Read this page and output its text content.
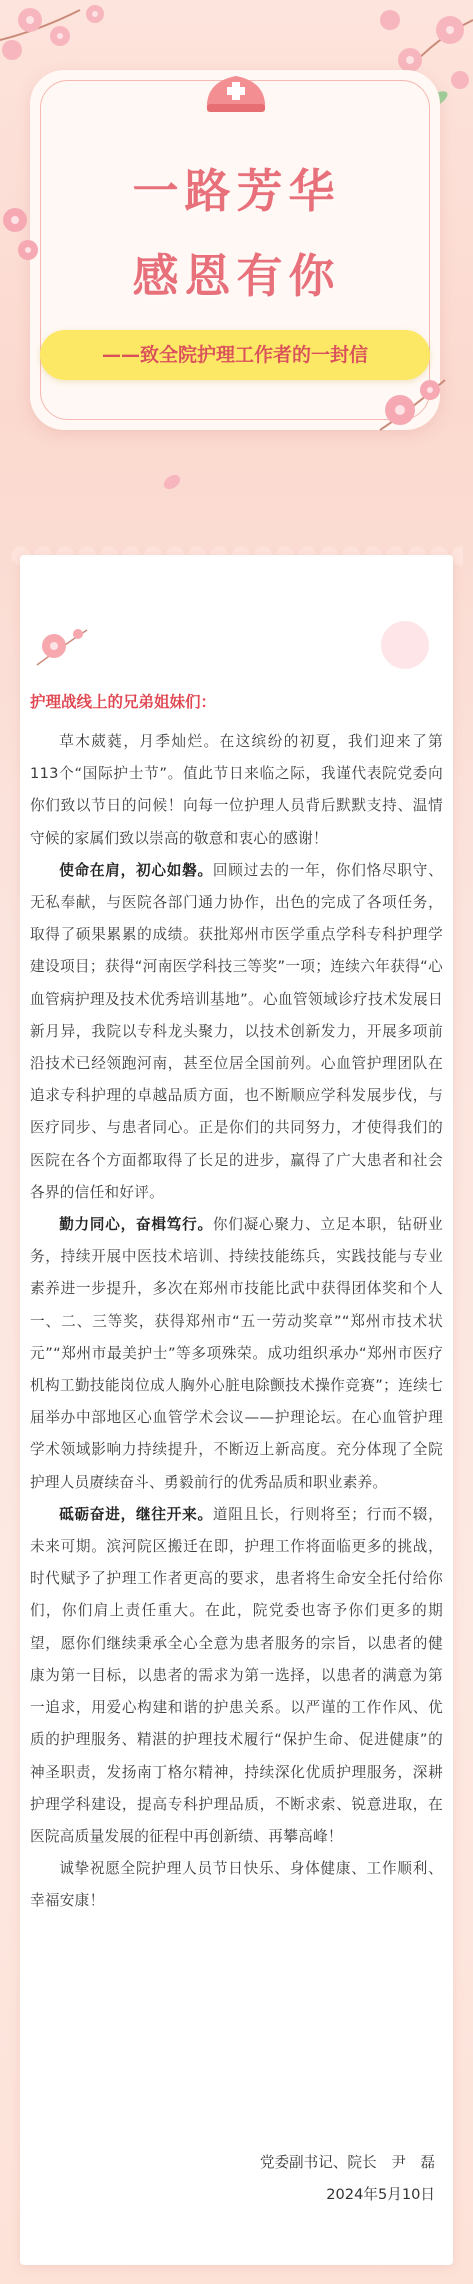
一路芳华
感恩有你
——致全院护理工作者的一封信
护理战线上的兄弟姐妹们：

草木葳蕤，月季灿烂。在这缤纷的初夏，我们迎来了第113个“国际护士节”。值此节日来临之际，我谨代表院党委向你们致以节日的问候！向每一位护理人员背后默默支持、温情守候的家属们致以崇高的敬意和衷心的感谢！

使命在肩，初心如磐。回顾过去的一年，你们恪尽职守、无私奉献，与医院各部门通力协作，出色的完成了各项任务，取得了硕果累累的成绩。获批郑州市医学重点学科专科护理学建设项目；获得“河南医学科技三等奖”一项；连续六年获得“心血管病护理及技术优秀培训基地”。心血管领域诊疗技术发展日新月异，我院以专科龙头聚力，以技术创新发力，开展多项前沿技术已经领跑河南，甚至位居全国前列。心血管护理团队在追求专科护理的卓越品质方面，也不断顺应学科发展步伐，与医疗同步、与患者同心。正是你们的共同努力，才使得我们的医院在各个方面都取得了长足的进步，赢得了广大患者和社会各界的信任和好评。

勤力同心，奋楫笃行。你们凝心聚力、立足本职，钻研业务，持续开展中医技术培训、持续技能练兵，实践技能与专业素养进一步提升，多次在郑州市技能比武中获得团体奖和个人一、二、三等奖，获得郑州市“五一劳动奖章”“郑州市技术状元”“郑州市最美护士”等多项殊荣。成功组织承办“郑州市医疗机构工勤技能岗位成人胸外心脏电除颤技术操作竞赛”；连续七届举办中部地区心血管学术会议——护理论坛。在心血管护理学术领域影响力持续提升，不断迈上新高度。充分体现了全院护理人员赓续奋斗、勇毅前行的优秀品质和职业素养。

砥砺奋进，继往开来。道阻且长，行则将至；行而不辍，未来可期。滨河院区搬迁在即，护理工作将面临更多的挑战，时代赋予了护理工作者更高的要求，患者将生命安全托付给你们，你们肩上责任重大。在此，院党委也寄予你们更多的期望，愿你们继续秉承全心全意为患者服务的宗旨，以患者的健康为第一目标，以患者的需求为第一选择，以患者的满意为第一追求，用爱心构建和谐的护患关系。以严谨的工作作风、优质的护理服务、精湛的护理技术履行“保护生命、促进健康”的神圣职责，发扬南丁格尔精神，持续深化优质护理服务，深耕护理学科建设，提高专科护理品质，不断求索、锐意进取，在医院高质量发展的征程中再创新绩、再攀高峰！

诚挚祝愿全院护理人员节日快乐、身体健康、工作顺利、幸福安康！

党委副书记、院长　尹　磊
2024年5月10日
